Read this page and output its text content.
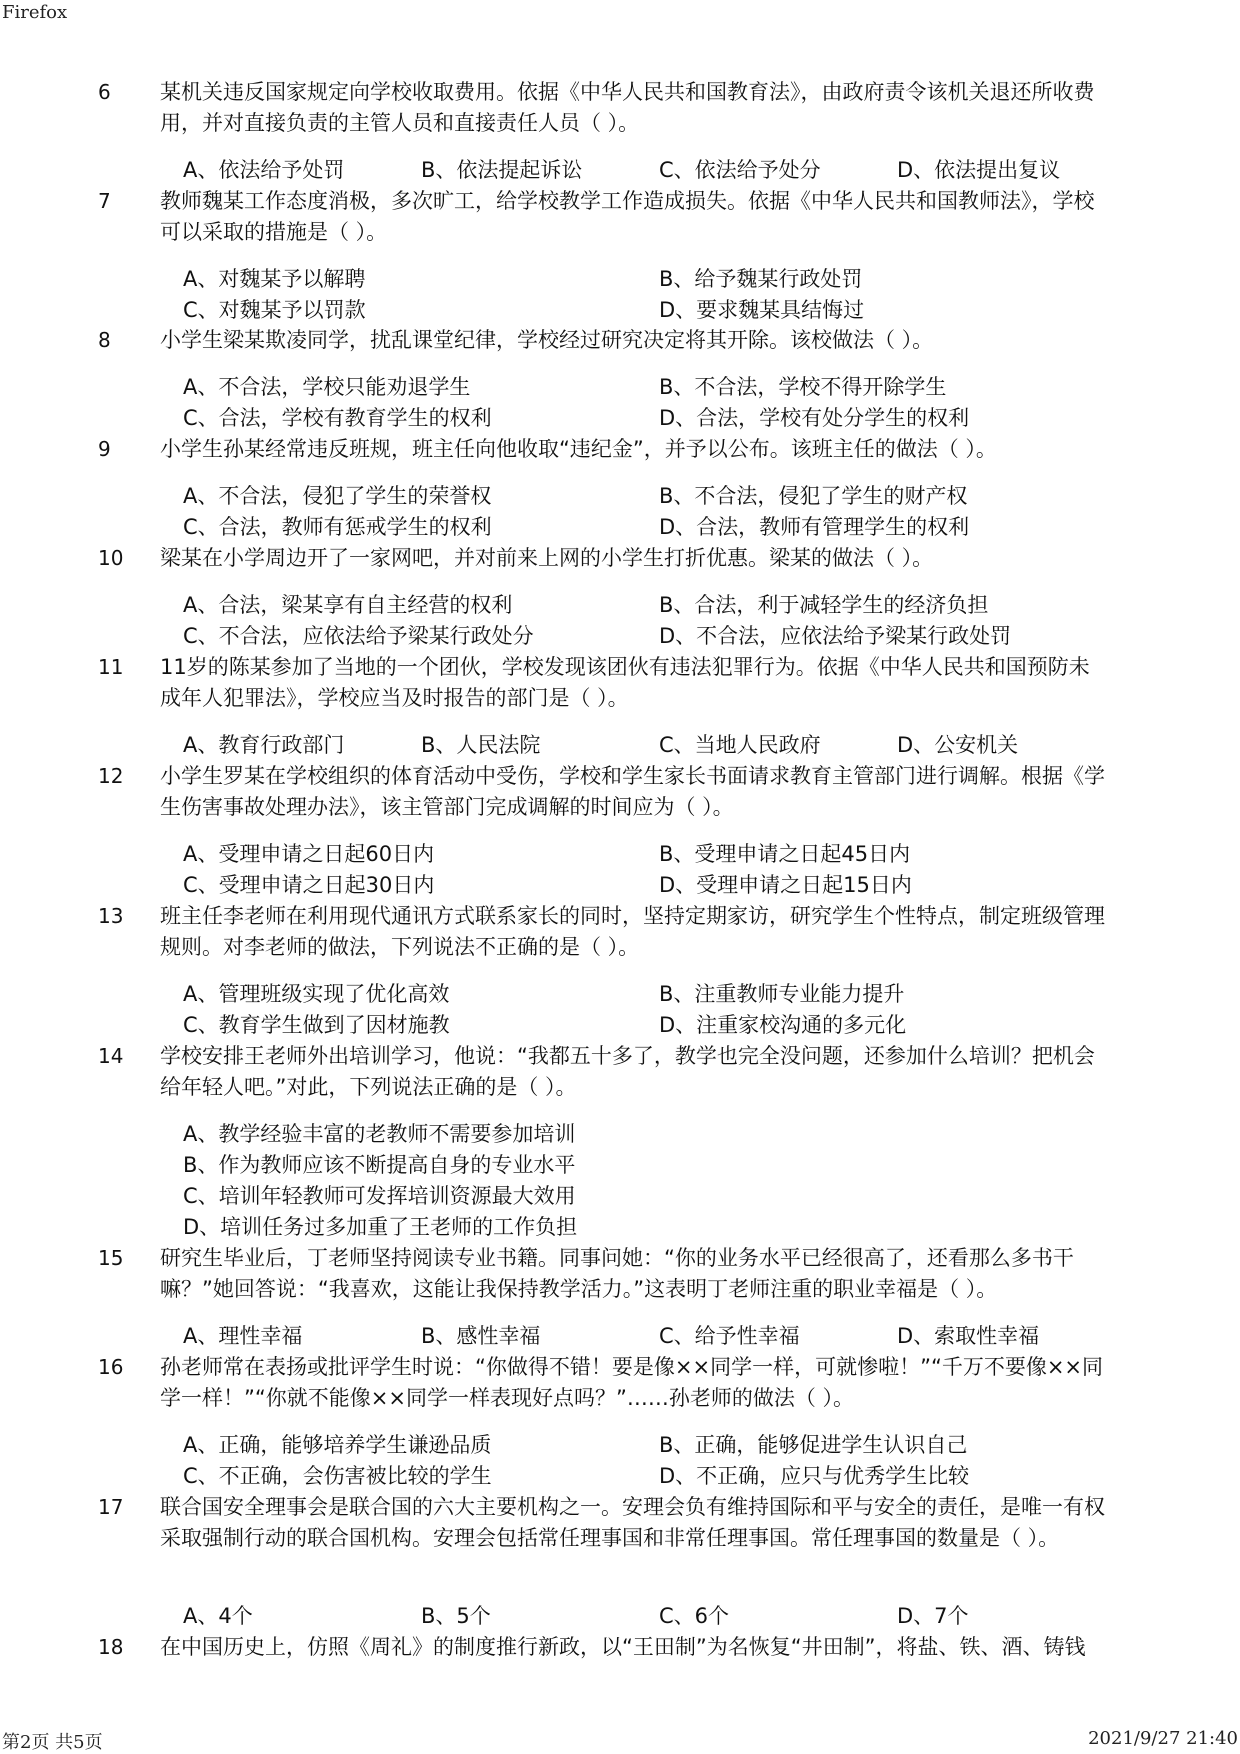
Firefox
6 某机关违反国家规定向学校收取费用。依据《中华人民共和国教育法》，由政府责令该机关退还所收费用，并对直接负责的主管人员和直接责任人员（ ）。
A、依法给予处罚	B、依法提起诉讼	C、依法给予处分	D、依法提出复议
7 教师魏某工作态度消极，多次旷工，给学校教学工作造成损失。依据《中华人民共和国教师法》，学校可以采取的措施是（ ）。
A、对魏某予以解聘	B、给予魏某行政处罚
C、对魏某予以罚款	D、要求魏某具结悔过
8 小学生梁某欺凌同学，扰乱课堂纪律，学校经过研究决定将其开除。该校做法（ ）。
A、不合法，学校只能劝退学生	B、不合法，学校不得开除学生
C、合法，学校有教育学生的权利	D、合法，学校有处分学生的权利
9 小学生孙某经常违反班规，班主任向他收取“违纪金”，并予以公布。该班主任的做法（ ）。
A、不合法，侵犯了学生的荣誉权	B、不合法，侵犯了学生的财产权
C、合法，教师有惩戒学生的权利	D、合法，教师有管理学生的权利
10 梁某在小学周边开了一家网吧，并对前来上网的小学生打折优惠。梁某的做法（ ）。
A、合法，梁某享有自主经营的权利	B、合法，利于减轻学生的经济负担
C、不合法，应依法给予梁某行政处分	D、不合法，应依法给予梁某行政处罚
11 11岁的陈某参加了当地的一个团伙，学校发现该团伙有违法犯罪行为。依据《中华人民共和国预防未成年人犯罪法》，学校应当及时报告的部门是（ ）。
A、教育行政部门	B、人民法院	C、当地人民政府	D、公安机关
12 小学生罗某在学校组织的体育活动中受伤，学校和学生家长书面请求教育主管部门进行调解。根据《学生伤害事故处理办法》，该主管部门完成调解的时间应为（ ）。
A、受理申请之日起60日内	B、受理申请之日起45日内
C、受理申请之日起30日内	D、受理申请之日起15日内
13 班主任李老师在利用现代通讯方式联系家长的同时，坚持定期家访，研究学生个性特点，制定班级管理规则。对李老师的做法，下列说法不正确的是（ ）。
A、管理班级实现了优化高效	B、注重教师专业能力提升
C、教育学生做到了因材施教	D、注重家校沟通的多元化
14 学校安排王老师外出培训学习，他说：“我都五十多了，教学也完全没问题，还参加什么培训？把机会给年轻人吧。”对此，下列说法正确的是（ ）。
A、教学经验丰富的老教师不需要参加培训
B、作为教师应该不断提高自身的专业水平
C、培训年轻教师可发挥培训资源最大效用
D、培训任务过多加重了王老师的工作负担
15 研究生毕业后，丁老师坚持阅读专业书籍。同事问她：“你的业务水平已经很高了，还看那么多书干嘛？”她回答说：“我喜欢，这能让我保持教学活力。”这表明丁老师注重的职业幸福是（ ）。
A、理性幸福	B、感性幸福	C、给予性幸福	D、索取性幸福
16 孙老师常在表扬或批评学生时说：“你做得不错！要是像××同学一样，可就惨啦！”“千万不要像××同学一样！”“你就不能像××同学一样表现好点吗？”……孙老师的做法（ ）。
A、正确，能够培养学生谦逊品质	B、正确，能够促进学生认识自己
C、不正确，会伤害被比较的学生	D、不正确，应只与优秀学生比较
17 联合国安全理事会是联合国的六大主要机构之一。安理会负有维持国际和平与安全的责任，是唯一有权采取强制行动的联合国机构。安理会包括常任理事国和非常任理事国。常任理事国的数量是（ ）。
A、4个	B、5个	C、6个	D、7个
18 在中国历史上，仿照《周礼》的制度推行新政，以“王田制”为名恢复“井田制”，将盐、铁、酒、铸钱
第2页 共5页	2021/9/27 21:40
